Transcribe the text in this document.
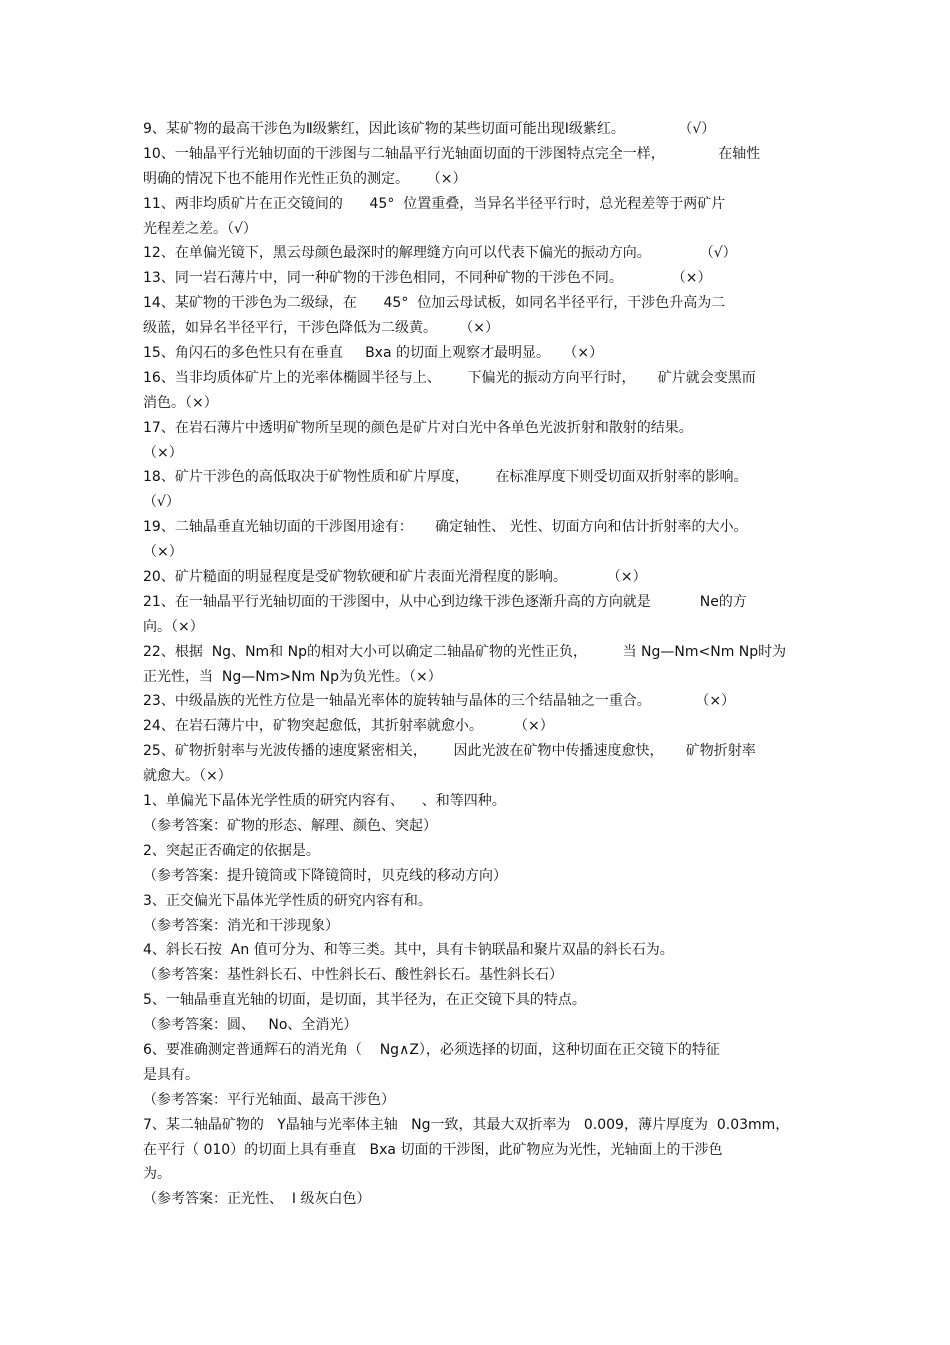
9、某矿物的最高干涉色为Ⅱ级紫红，因此该矿物的某些切面可能出现Ⅰ级紫红。            （√）
10、一轴晶平行光轴切面的干涉图与二轴晶平行光轴面切面的干涉图特点完全一样，            在轴性
明确的情况下也不能用作光性正负的测定。    （×）
11、两非均质矿片在正交镜间的      45°  位置重叠，当异名半径平行时，总光程差等于两矿片
光程差之差。（√）
12、在单偏光镜下，黑云母颜色最深时的解理缝方向可以代表下偏光的振动方向。           （√）
13、同一岩石薄片中，同一种矿物的干涉色相同，不同种矿物的干涉色不同。           （×）
14、某矿物的干涉色为二级绿，在      45°  位加云母试板，如同名半径平行，干涉色升高为二
级蓝，如异名半径平行，干涉色降低为二级黄。     （×）
15、角闪石的多色性只有在垂直     Bxa 的切面上观察才最明显。   （×）
16、当非均质体矿片上的光率体椭圆半径与上、      下偏光的振动方向平行时，     矿片就会变黑而
消色。（×）
17、在岩石薄片中透明矿物所呈现的颜色是矿片对白光中各单色光波折射和散射的结果。
（×）
18、矿片干涉色的高低取决于矿物性质和矿片厚度，      在标准厚度下则受切面双折射率的影响。
（√）
19、二轴晶垂直光轴切面的干涉图用途有：     确定轴性、 光性、切面方向和估计折射率的大小。
（×）
20、矿片糙面的明显程度是受矿物软硬和矿片表面光滑程度的影响。         （×）
21、在一轴晶平行光轴切面的干涉图中，从中心到边缘干涉色逐渐升高的方向就是           Ne的方
向。（×）
22、根据  Ng、Nm和 Np的相对大小可以确定二轴晶矿物的光性正负，        当 Ng—Nm<Nm Np时为
正光性，当  Ng—Nm>Nm Np为负光性。（×）
23、中级晶族的光性方位是一轴晶光率体的旋转轴与晶体的三个结晶轴之一重合。          （×）
24、在岩石薄片中，矿物突起愈低，其折射率就愈小。       （×）
25、矿物折射率与光波传播的速度紧密相关，      因此光波在矿物中传播速度愈快，     矿物折射率
就愈大。（×）
1、单偏光下晶体光学性质的研究内容有、    、和等四种。
（参考答案：矿物的形态、解理、颜色、突起）
2、突起正否确定的依据是。
（参考答案：提升镜筒或下降镜筒时，贝克线的移动方向）
3、正交偏光下晶体光学性质的研究内容有和。
（参考答案：消光和干涉现象）
4、斜长石按  An 值可分为、和等三类。其中，具有卡钠联晶和聚片双晶的斜长石为。
（参考答案：基性斜长石、中性斜长石、酸性斜长石。基性斜长石）
5、一轴晶垂直光轴的切面，是切面，其半径为，在正交镜下具的特点。
（参考答案：圆、   No、全消光）
6、要准确测定普通辉石的消光角（    Ng∧Z），必须选择的切面，这种切面在正交镜下的特征
是具有。
（参考答案：平行光轴面、最高干涉色）
7、某二轴晶矿物的   Y晶轴与光率体主轴   Ng一致，其最大双折率为   0.009，薄片厚度为  0.03mm，
在平行（ 010）的切面上具有垂直   Bxa 切面的干涉图，此矿物应为光性，光轴面上的干涉色
为。
（参考答案：正光性、  Ⅰ 级灰白色）
